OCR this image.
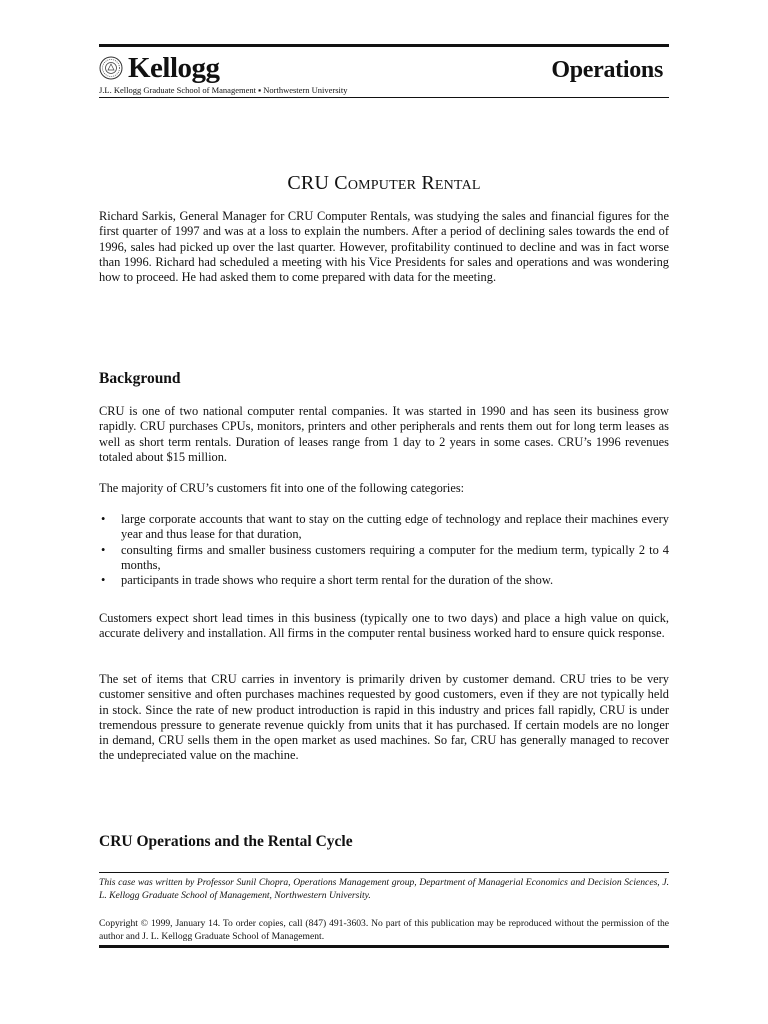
Kellogg	Operations
J.L. Kellogg Graduate School of Management ▪ Northwestern University
CRU Computer Rental

Richard Sarkis, General Manager for CRU Computer Rentals, was studying the sales and financial figures for the first quarter of 1997 and was at a loss to explain the numbers. After a period of declining sales towards the end of 1996, sales had picked up over the last quarter. However, profitability continued to decline and was in fact worse than 1996. Richard had scheduled a meeting with his Vice Presidents for sales and operations and was wondering how to proceed. He had asked them to come prepared with data for the meeting.

Background

CRU is one of two national computer rental companies. It was started in 1990 and has seen its business grow rapidly. CRU purchases CPUs, monitors, printers and other peripherals and rents them out for long term leases as well as short term rentals. Duration of leases range from 1 day to 2 years in some cases. CRU’s 1996 revenues totaled about $15 million.

The majority of CRU’s customers fit into one of the following categories:

• large corporate accounts that want to stay on the cutting edge of technology and replace their machines every year and thus lease for that duration,
• consulting firms and smaller business customers requiring a computer for the medium term, typically 2 to 4 months,
• participants in trade shows who require a short term rental for the duration of the show.

Customers expect short lead times in this business (typically one to two days) and place a high value on quick, accurate delivery and installation. All firms in the computer rental business worked hard to ensure quick response.

The set of items that CRU carries in inventory is primarily driven by customer demand. CRU tries to be very customer sensitive and often purchases machines requested by good customers, even if they are not typically held in stock. Since the rate of new product introduction is rapid in this industry and prices fall rapidly, CRU is under tremendous pressure to generate revenue quickly from units that it has purchased. If certain models are no longer in demand, CRU sells them in the open market as used machines. So far, CRU has generally managed to recover the undepreciated value on the machine.

CRU Operations and the Rental Cycle

This case was written by Professor Sunil Chopra, Operations Management group, Department of Managerial Economics and Decision Sciences, J. L. Kellogg Graduate School of Management, Northwestern University.

Copyright © 1999, January 14. To order copies, call (847) 491-3603. No part of this publication may be reproduced without the permission of the author and J. L. Kellogg Graduate School of Management.
